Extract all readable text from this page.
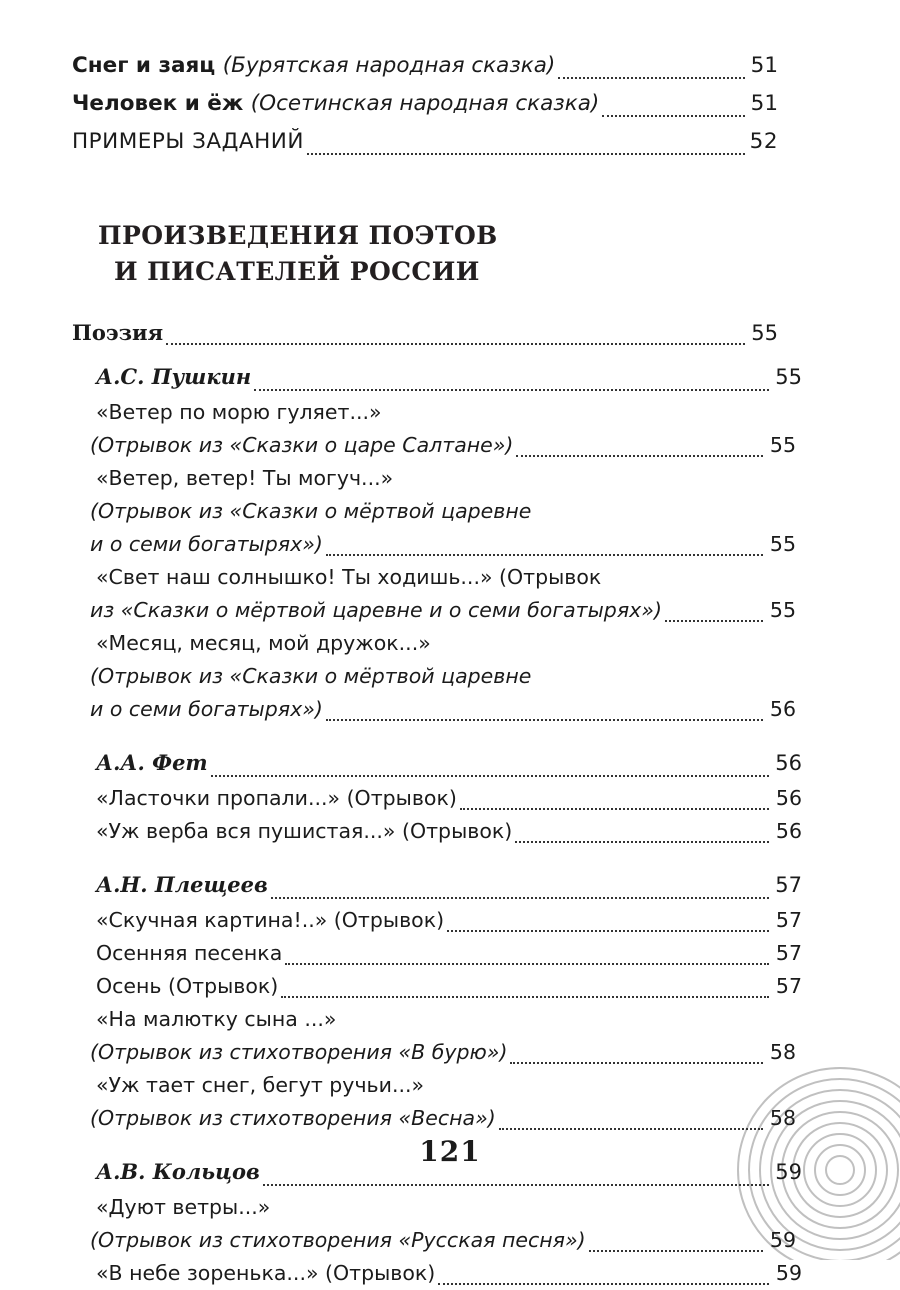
Снег и заяц (Бурятская народная сказка)	51
Человек и ёж (Осетинская народная сказка)	51
ПРИМЕРЫ ЗАДАНИЙ	52
ПРОИЗВЕДЕНИЯ ПОЭТОВ
И ПИСАТЕЛЕЙ РОССИИ
Поэзия	55
А.С. Пушкин	55
«Ветер по морю гуляет...»
(Отрывок из «Сказки о царе Салтане»)	55
«Ветер, ветер! Ты могуч...»
(Отрывок из «Сказки о мёртвой царевне
и о семи богатырях»)	55
«Свет наш солнышко! Ты ходишь...» (Отрывок
из «Сказки о мёртвой царевне и о семи богатырях»)	55
«Месяц, месяц, мой дружок...»
(Отрывок из «Сказки о мёртвой царевне
и о семи богатырях»)	56
А.А. Фет	56
«Ласточки пропали...» (Отрывок)	56
«Уж верба вся пушистая...» (Отрывок)	56
А.Н. Плещеев	57
«Скучная картина!..» (Отрывок)	57
Осенняя песенка	57
Осень (Отрывок)	57
«На малютку сына ...»
(Отрывок из стихотворения «В бурю»)	58
«Уж тает снег, бегут ручьи...»
(Отрывок из стихотворения «Весна»)	58
А.В. Кольцов	59
«Дуют ветры...»
(Отрывок из стихотворения «Русская песня»)	59
«В небе зоренька...» (Отрывок)	59
121
